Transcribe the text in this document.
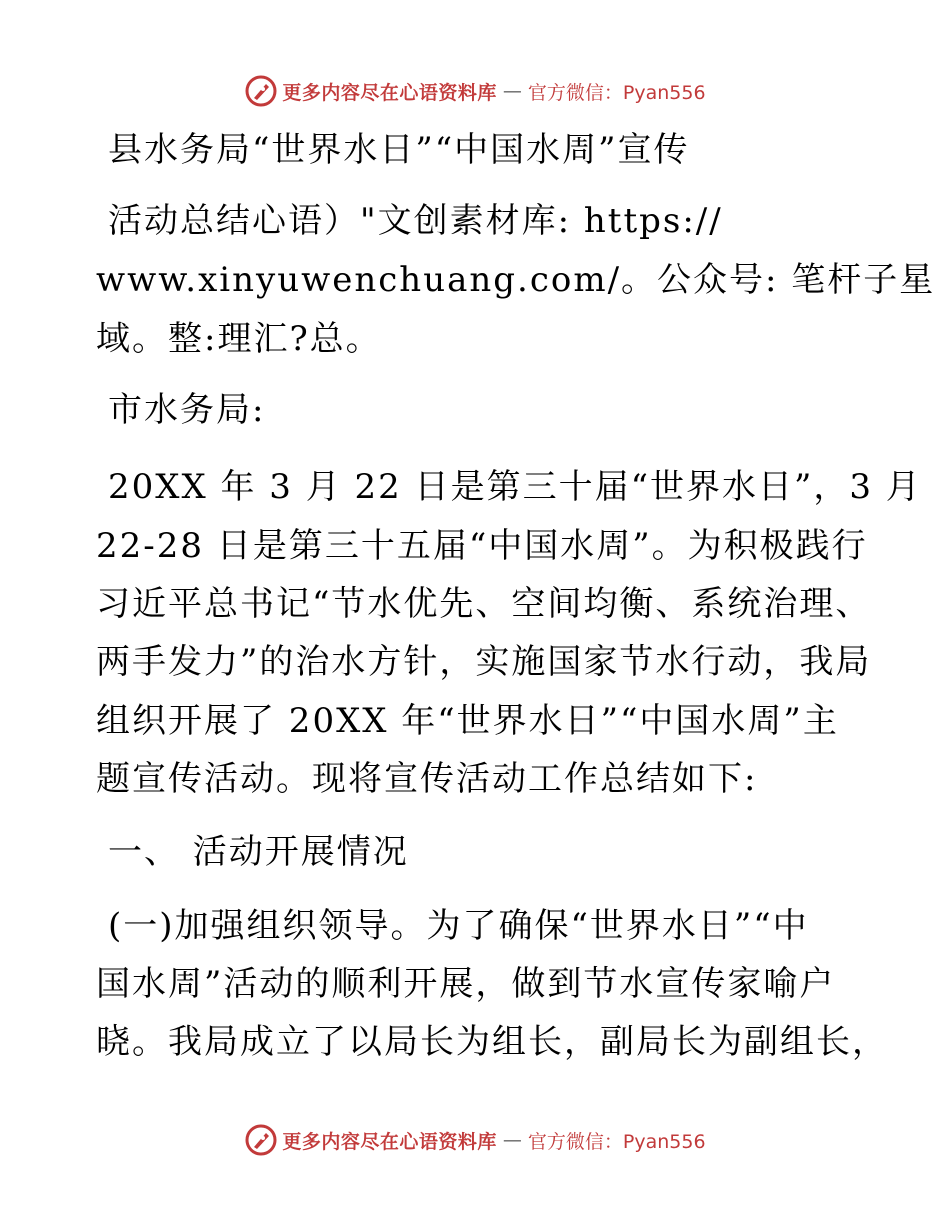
更多内容尽在心语资料库 — 官方微信：Pyan556
县水务局“世界水日”“中国水周”宣传
活动总结心语）"文创素材库: https://
www.xinyuwenchuang.com/。公众号: 笔杆子星
域。整:理汇?总。
市水务局:
20XX 年 3 月 22 日是第三十届“世界水日”，3 月
22-28 日是第三十五届“中国水周”。为积极践行
习近平总书记“节水优先、空间均衡、系统治理、
两手发力”的治水方针，实施国家节水行动，我局
组织开展了 20XX 年“世界水日”“中国水周”主
题宣传活动。现将宣传活动工作总结如下:
一、 活动开展情况
(一)加强组织领导。为了确保“世界水日”“中
国水周”活动的顺利开展，做到节水宣传家喻户
晓。我局成立了以局长为组长，副局长为副组长，
更多内容尽在心语资料库 — 官方微信：Pyan556
